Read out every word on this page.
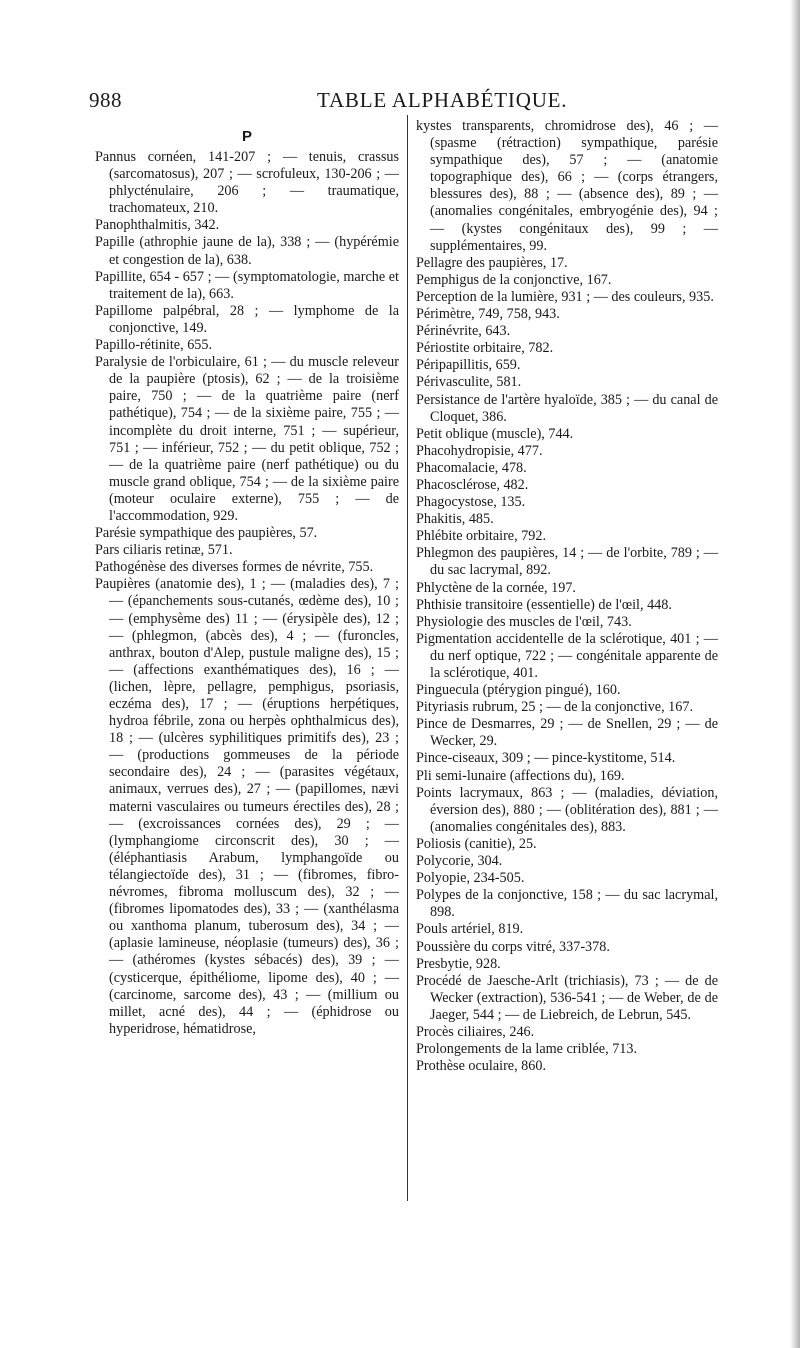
988	TABLE ALPHABÉTIQUE.
P

Pannus cornéen, 141-207 ; — tenuis, crassus (sarcomatosus), 207 ; — scrofuleux, 130-206 ; — phlycténulaire, 206 ; — traumatique, trachomateux, 210.

Panophthalmitis, 342.

Papille (athrophie jaune de la), 338 ; — (hypérémie et congestion de la), 638.

Papillite, 654 - 657 ; — (symptomatologie, marche et traitement de la), 663.

Papillome palpébral, 28 ; — lymphome de la conjonctive, 149.

Papillo-rétinite, 655.

Paralysie de l'orbiculaire, 61 ; — du muscle releveur de la paupière (ptosis), 62 ; — de la troisième paire, 750 ; — de la quatrième paire (nerf pathétique), 754 ; — de la sixième paire, 755 ; — incomplète du droit interne, 751 ; — supérieur, 751 ; — inférieur, 752 ; — du petit oblique, 752 ; — de la quatrième paire (nerf pathétique) ou du muscle grand oblique, 754 ; — de la sixième paire (moteur oculaire externe), 755 ; — de l'accommodation, 929.

Parésie sympathique des paupières, 57.

Pars ciliaris retinæ, 571.

Pathogénèse des diverses formes de névrite, 755.

Paupières (anatomie des), 1 ; — (maladies des), 7 ; — (épanchements sous-cutanés, œdème des), 10 ; — (emphysème des) 11 ; — (érysipèle des), 12 ; — (phlegmon, (abcès des), 4 ; — (furoncles, anthrax, bouton d'Alep, pustule maligne des), 15 ; — (affections exanthématiques des), 16 ; — (lichen, lèpre, pellagre, pemphigus, psoriasis, eczéma des), 17 ; — (éruptions herpétiques, hydroa fébrile, zona ou herpès ophthalmicus des), 18 ; — (ulcères syphilitiques primitifs des), 23 ; — (productions gommeuses de la période secondaire des), 24 ; — (parasites végétaux, animaux, verrues des), 27 ; — (papillomes, nævi materni vasculaires ou tumeurs érectiles des), 28 ; — (excroissances cornées des), 29 ; — (lymphangiome circonscrit des), 30 ; — (éléphantiasis Arabum, lymphangoïde ou télangiectoïde des), 31 ; — (fibromes, fibro-névromes, fibroma molluscum des), 32 ; — (fibromes lipomatodes des), 33 ; — (xanthélasma ou xanthoma planum, tuberosum des), 34 ; — (aplasie lamineuse, néoplasie (tumeurs) des), 36 ; — (athéromes (kystes sébacés) des), 39 ; — (cysticerque, épithéliome, lipome des), 40 ; — (carcinome, sarcome des), 43 ; — (millium ou millet, acné des), 44 ; — (éphidrose ou hyperidrose, hématidrose,

kystes transparents, chromidrose des), 46 ; — (spasme (rétraction) sympathique, parésie sympathique des), 57 ; — (anatomie topographique des), 66 ; — (corps étrangers, blessures des), 88 ; — (absence des), 89 ; — (anomalies congénitales, embryogénie des), 94 ; — (kystes congénitaux des), 99 ; — supplémentaires, 99.

Pellagre des paupières, 17.

Pemphigus de la conjonctive, 167.

Perception de la lumière, 931 ; — des couleurs, 935.

Périmètre, 749, 758, 943.

Périnévrite, 643.

Périostite orbitaire, 782.

Péripapillitis, 659.

Périvasculite, 581.

Persistance de l'artère hyaloïde, 385 ; — du canal de Cloquet, 386.

Petit oblique (muscle), 744.

Phacohydropisie, 477.

Phacomalacie, 478.

Phacosclérose, 482.

Phagocystose, 135.

Phakitis, 485.

Phlébite orbitaire, 792.

Phlegmon des paupières, 14 ; — de l'orbite, 789 ; — du sac lacrymal, 892.

Phlyctène de la cornée, 197.

Phthisie transitoire (essentielle) de l'œil, 448.

Physiologie des muscles de l'œil, 743.

Pigmentation accidentelle de la sclérotique, 401 ; — du nerf optique, 722 ; — congénitale apparente de la sclérotique, 401.

Pinguecula (ptérygion pingué), 160.

Pityriasis rubrum, 25 ; — de la conjonctive, 167.

Pince de Desmarres, 29 ; — de Snellen, 29 ; — de Wecker, 29.

Pince-ciseaux, 309 ; — pince-kystitome, 514.

Pli semi-lunaire (affections du), 169.

Points lacrymaux, 863 ; — (maladies, déviation, éversion des), 880 ; — (oblitération des), 881 ; — (anomalies congénitales des), 883.

Poliosis (canitie), 25.

Polycorie, 304.

Polyopie, 234-505.

Polypes de la conjonctive, 158 ; — du sac lacrymal, 898.

Pouls artériel, 819.

Poussière du corps vitré, 337-378.

Presbytie, 928.

Procédé de Jaesche-Arlt (trichiasis), 73 ; — de de Wecker (extraction), 536-541 ; — de Weber, de de Jaeger, 544 ; — de Liebreich, de Lebrun, 545.

Procès ciliaires, 246.

Prolongements de la lame criblée, 713.

Prothèse oculaire, 860.
